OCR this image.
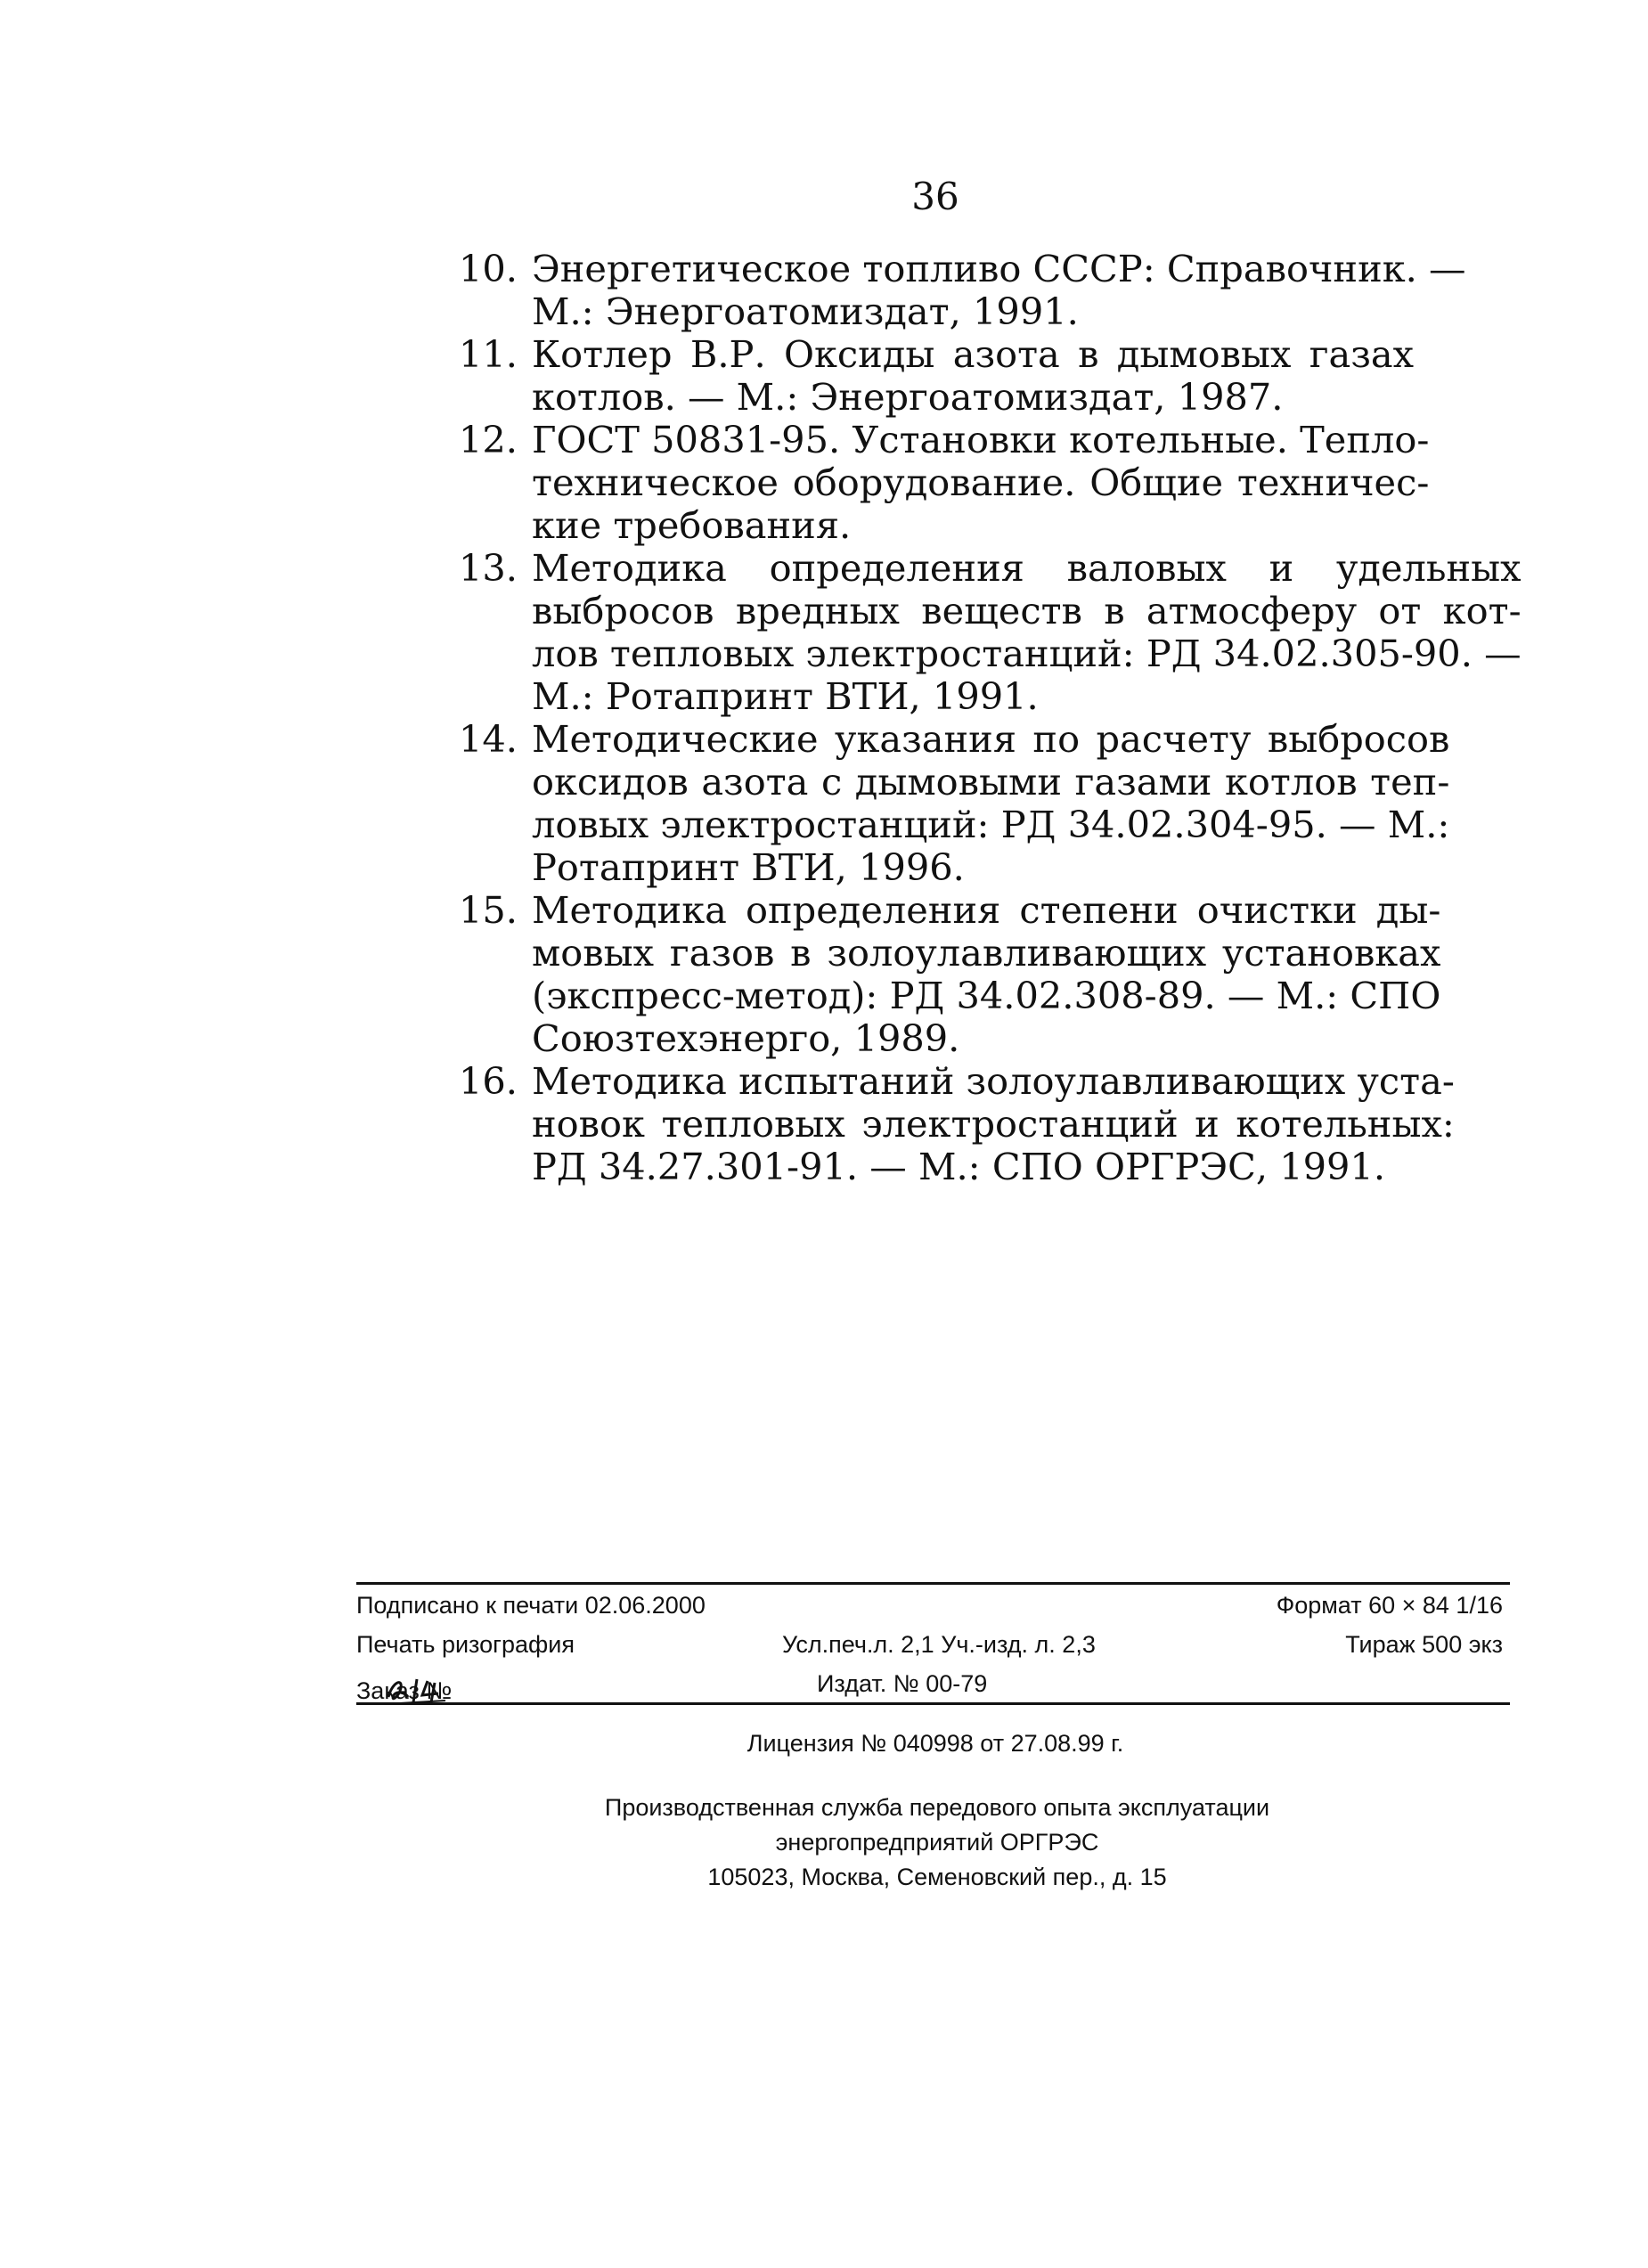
36
10. Энергетическое топливо СССР: Справочник. —
М.: Энергоатомиздат, 1991.
11. Котлер В.Р. Оксиды азота в дымовых газах
котлов. — М.: Энергоатомиздат, 1987.
12. ГОСТ 50831-95. Установки котельные. Тепло-
техническое оборудование. Общие техничес-
кие требования.
13. Методика определения валовых и удельных
выбросов вредных веществ в атмосферу от кот-
лов тепловых электростанций: РД 34.02.305-90. —
М.: Ротапринт ВТИ, 1991.
14. Методические указания по расчету выбросов
оксидов азота с дымовыми газами котлов теп-
ловых электростанций: РД 34.02.304-95. — М.:
Ротапринт ВТИ, 1996.
15. Методика определения степени очистки ды-
мовых газов в золоулавливающих установках
(экспресс-метод): РД 34.02.308-89. — М.: СПО
Союзтехэнерго, 1989.
16. Методика испытаний золоулавливающих уста-
новок тепловых электростанций и котельных:
РД 34.27.301-91. — М.: СПО ОРГРЭС, 1991.
Подписано к печати 02.06.2000	Формат 60 × 84 1/16
Печать ризография	Усл.печ.л. 2,1 Уч.-изд. л. 2,3	Тираж 500 экз
Заказ №	Издат. № 00-79
Лицензия № 040998 от 27.08.99 г.
Производственная служба передового опыта эксплуатации
энергопредприятий ОРГРЭС
105023, Москва, Семеновский пер., д. 15
